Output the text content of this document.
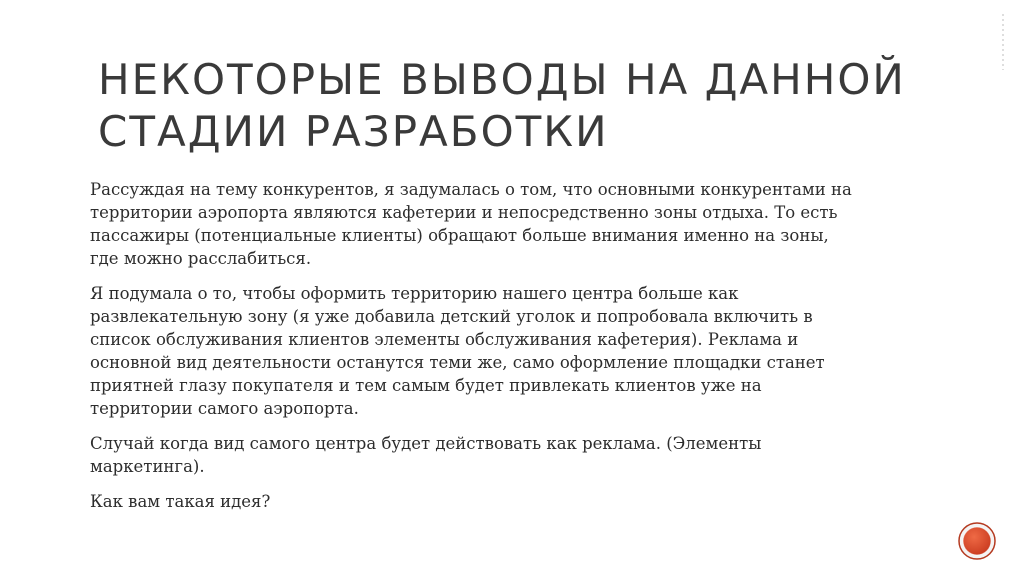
НЕКОТОРЫЕ ВЫВОДЫ НА ДАННОЙ
СТАДИИ РАЗРАБОТКИ

Рассуждая на тему конкурентов, я задумалась о том, что основными конкурентами на
территории аэропорта являются кафетерии и непосредственно зоны отдыха. То есть
пассажиры (потенциальные клиенты) обращают больше внимания именно на зоны,
где можно расслабиться.

Я подумала о то, чтобы оформить территорию нашего центра больше как
развлекательную зону (я уже добавила детский уголок и попробовала включить в
список обслуживания клиентов элементы обслуживания кафетерия). Реклама и
основной вид деятельности останутся теми же, само оформление площадки станет
приятней глазу покупателя и тем самым будет привлекать клиентов уже на
территории самого аэропорта.

Случай когда вид самого центра будет действовать как реклама. (Элементы
маркетинга).

Как вам такая идея?
